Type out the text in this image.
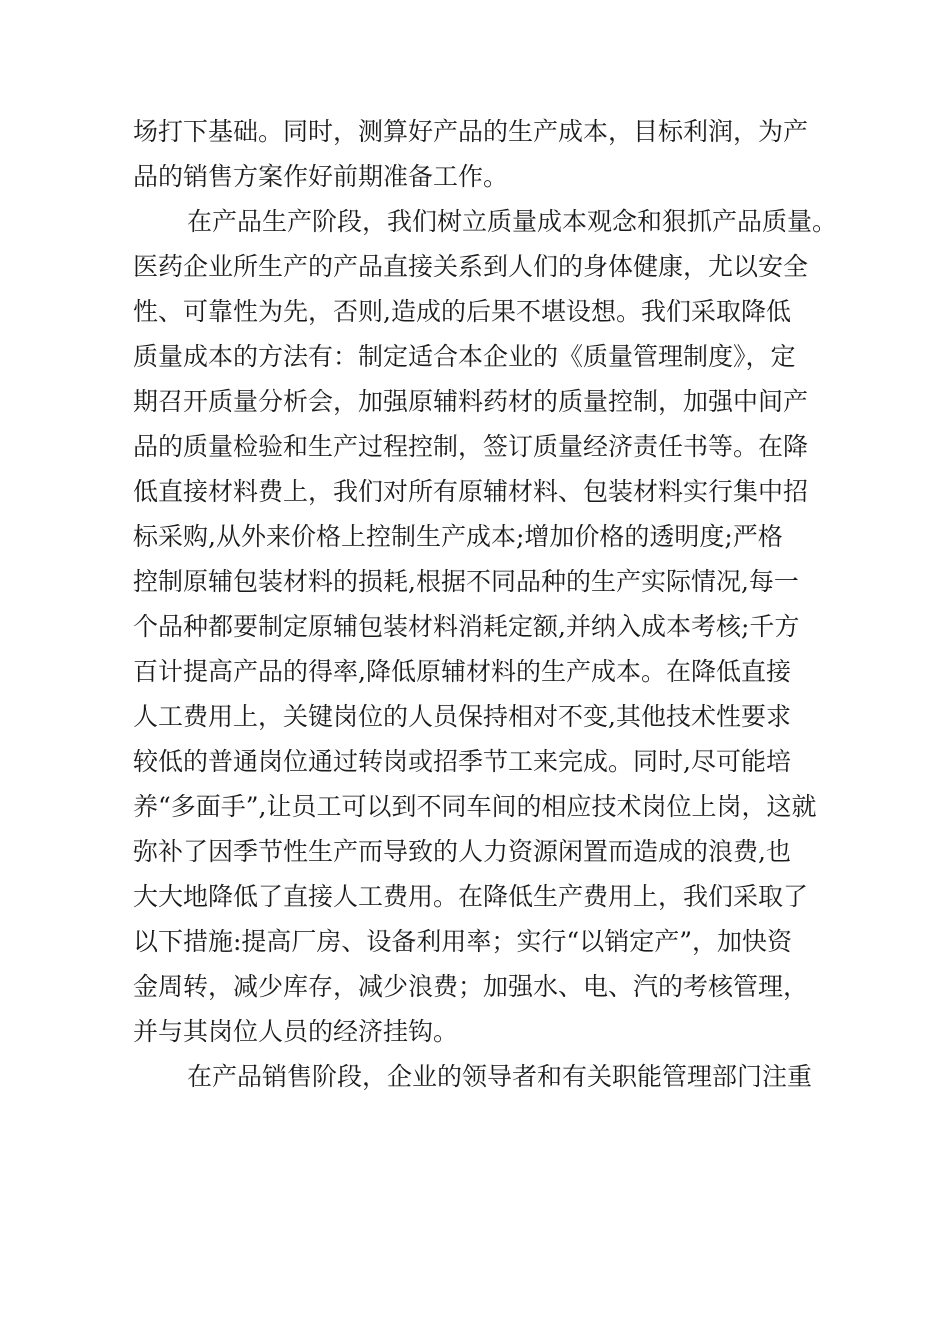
场打下基础。同时，测算好产品的生产成本，目标利润，为产
品的销售方案作好前期准备工作。
在产品生产阶段，我们树立质量成本观念和狠抓产品质量。
医药企业所生产的产品直接关系到人们的身体健康，尤以安全
性、可靠性为先，否则,造成的后果不堪设想。我们采取降低
质量成本的方法有：制定适合本企业的《质量管理制度》，定
期召开质量分析会，加强原辅料药材的质量控制，加强中间产
品的质量检验和生产过程控制，签订质量经济责任书等。在降
低直接材料费上，我们对所有原辅材料、包装材料实行集中招
标采购,从外来价格上控制生产成本;增加价格的透明度;严格
控制原辅包装材料的损耗,根据不同品种的生产实际情况,每一
个品种都要制定原辅包装材料消耗定额,并纳入成本考核;千方
百计提高产品的得率,降低原辅材料的生产成本。在降低直接
人工费用上，关键岗位的人员保持相对不变,其他技术性要求
较低的普通岗位通过转岗或招季节工来完成。同时,尽可能培
养“多面手”,让员工可以到不同车间的相应技术岗位上岗，这就
弥补了因季节性生产而导致的人力资源闲置而造成的浪费,也
大大地降低了直接人工费用。在降低生产费用上，我们采取了
以下措施:提高厂房、设备利用率；实行“以销定产”，加快资
金周转，减少库存，减少浪费；加强水、电、汽的考核管理，
并与其岗位人员的经济挂钩。
在产品销售阶段，企业的领导者和有关职能管理部门注重
